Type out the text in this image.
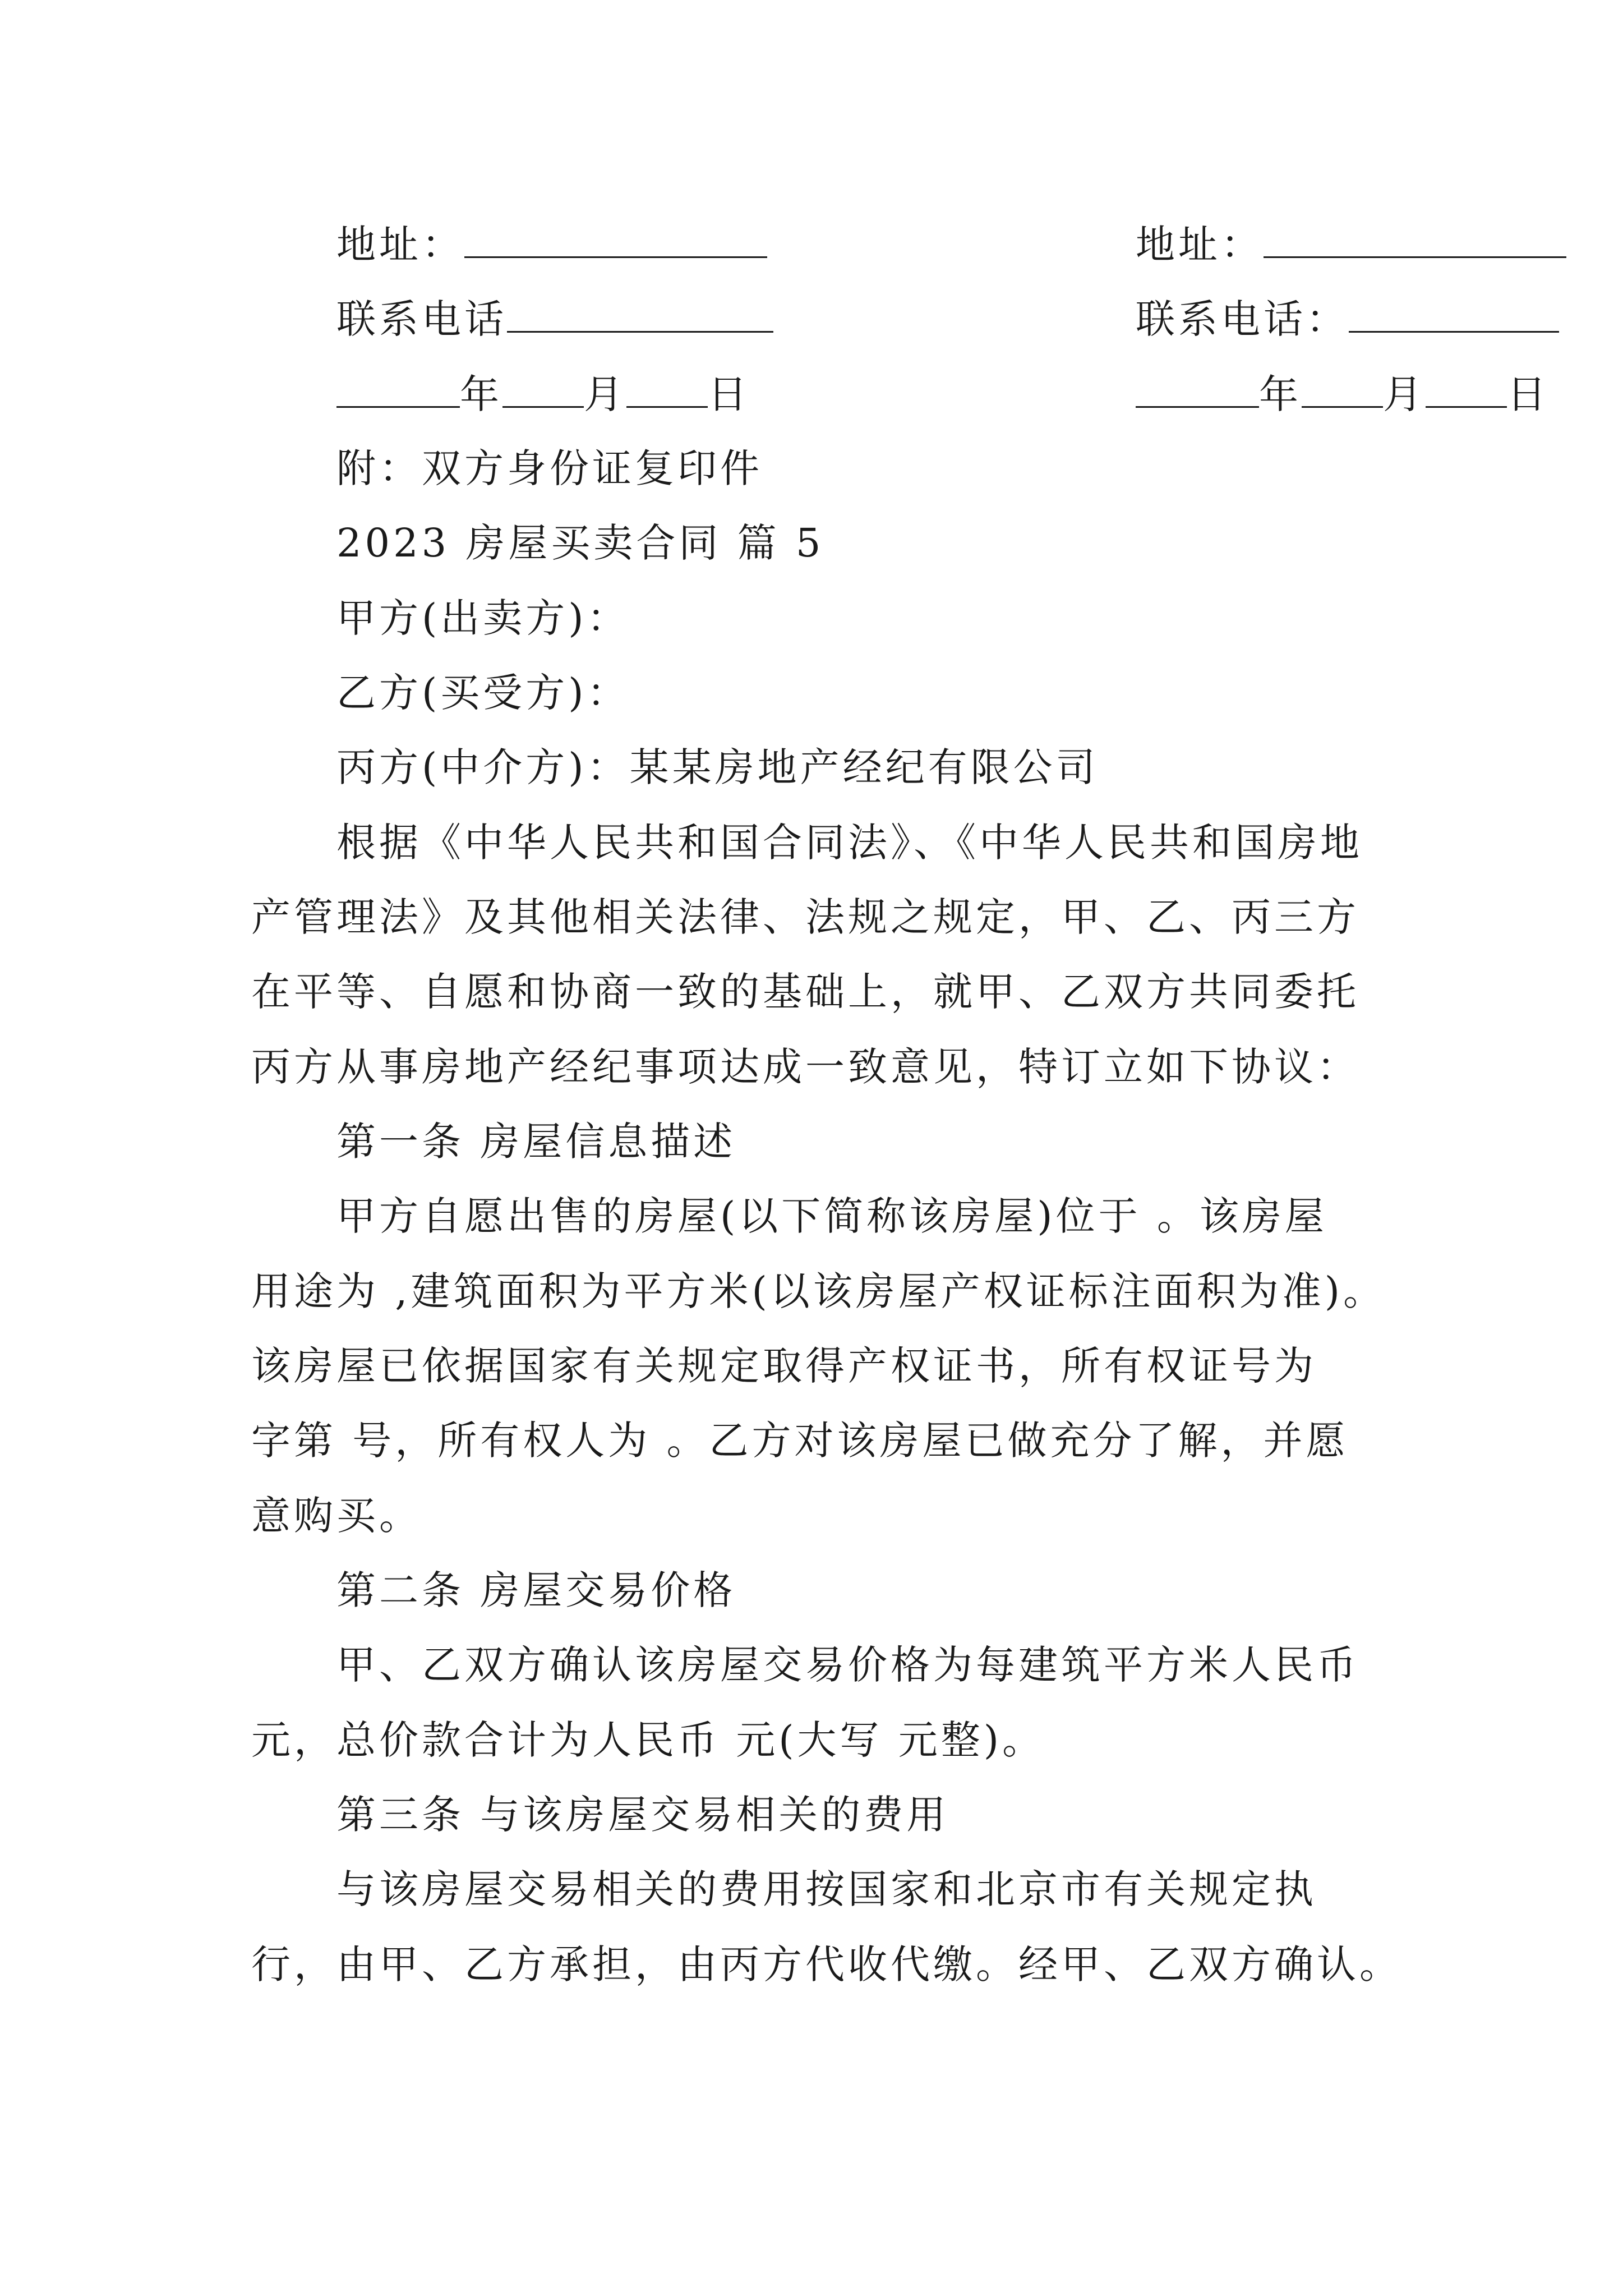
地址：	地址：
联系电话	联系电话：
年 月 日	年 月 日
附：双方身份证复印件
2023 房屋买卖合同 篇 5
甲方(出卖方)：
乙方(买受方)：
丙方(中介方)：某某房地产经纪有限公司
根据《中华人民共和国合同法》、《中华人民共和国房地
产管理法》及其他相关法律、法规之规定，甲、乙、丙三方
在平等、自愿和协商一致的基础上，就甲、乙双方共同委托
丙方从事房地产经纪事项达成一致意见，特订立如下协议：
第一条 房屋信息描述
甲方自愿出售的房屋(以下简称该房屋)位于 。该房屋
用途为 ,建筑面积为平方米(以该房屋产权证标注面积为准)。
该房屋已依据国家有关规定取得产权证书，所有权证号为
字第 号，所有权人为 。乙方对该房屋已做充分了解，并愿
意购买。
第二条 房屋交易价格
甲、乙双方确认该房屋交易价格为每建筑平方米人民币
元，总价款合计为人民币 元(大写 元整)。
第三条 与该房屋交易相关的费用
与该房屋交易相关的费用按国家和北京市有关规定执
行，由甲、乙方承担，由丙方代收代缴。经甲、乙双方确认。
